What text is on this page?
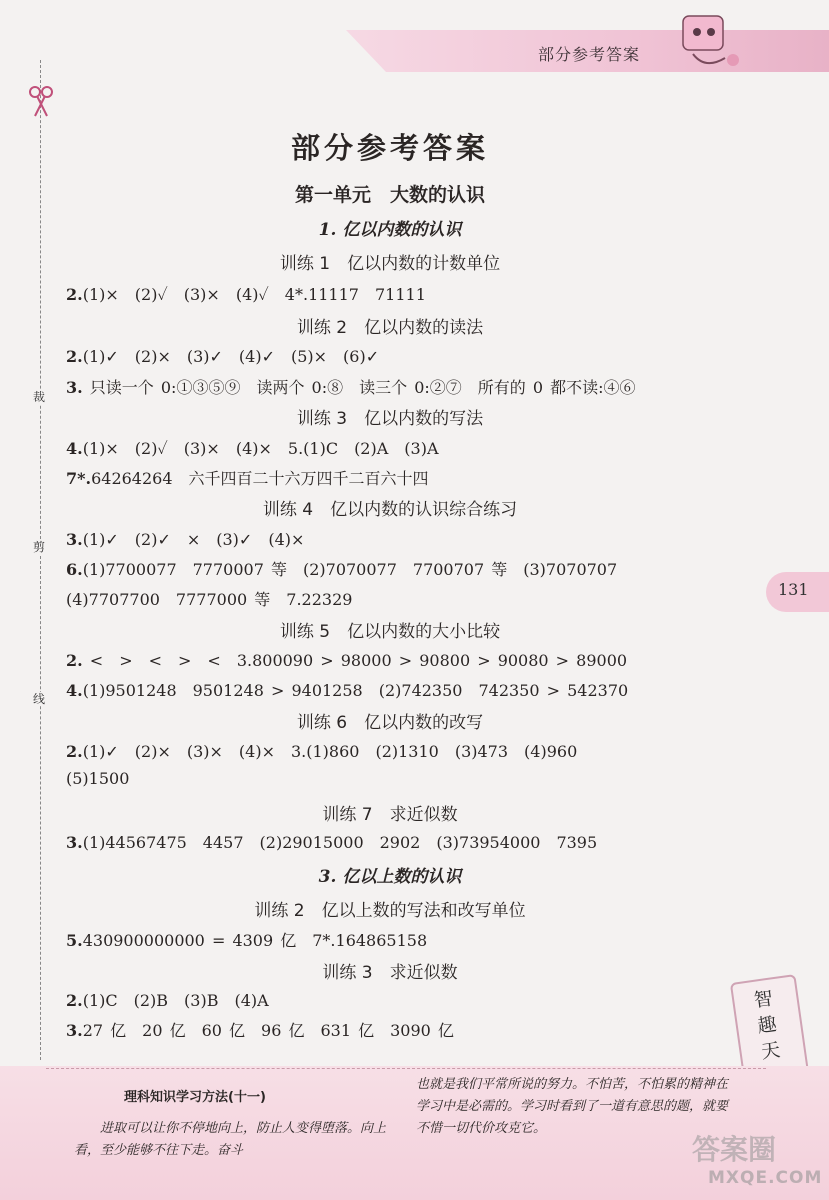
部分参考答案
裁
剪
线
131
部分参考答案
第一单元　大数的认识
1. 亿以内数的认识
训练 1　亿以内数的计数单位
2.(1)×　(2)✓　(3)×　(4)✓　4*.11117　71111
训练 2　亿以内数的读法
2.(1)✓　(2)×　(3)✓　(4)✓　(5)×　(6)✓
3. 只读一个 0:①③⑤⑨　读两个 0:⑧　读三个 0:②⑦　所有的 0 都不读:④⑥
训练 3　亿以内数的写法
4.(1)×　(2)✓　(3)×　(4)×　5.(1)C　(2)A　(3)A
7*.64264264　六千四百二十六万四千二百六十四
训练 4　亿以内数的认识综合练习
3.(1)✓　(2)✓　×　(3)✓　(4)×
6.(1)7700077　7770007 等　(2)7070077　7700707 等　(3)7070707
(4)7707700　7777000 等　7.22329
训练 5　亿以内数的大小比较
2. <　>　<　>　<　3.800090 > 98000 > 90800 > 90080 > 89000
4.(1)9501248　9501248 > 9401258　(2)742350　742350 > 542370
训练 6　亿以内数的改写
2.(1)✓　(2)×　(3)×　(4)×　3.(1)860　(2)1310　(3)473　(4)960
(5)1500
训练 7　求近似数
3.(1)44567475　4457　(2)29015000　2902　(3)73954000　7395
3. 亿以上数的认识
训练 2　亿以上数的写法和改写单位
5.430900000000 = 4309 亿　7*.164865158
训练 3　求近似数
2.(1)C　(2)B　(3)B　(4)A
3.27 亿　20 亿　60 亿　96 亿　631 亿　3090 亿
智趣天地
理科知识学习方法(十一)
进取可以让你不停地向上，防止人变得堕落。向上看，至少能够不往下走。奋斗
也就是我们平常所说的努力。不怕苦，不怕累的精神在学习中是必需的。学习时看到了一道有意思的题，就要不惜一切代价攻克它。
答案圈
MXQE.COM
